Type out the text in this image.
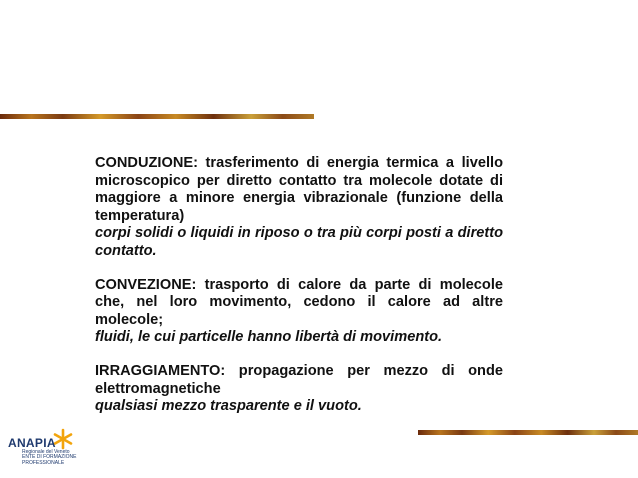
CONDUZIONE: trasferimento di energia termica a livello microscopico per diretto contatto tra molecole dotate di maggiore a minore energia vibrazionale (funzione della temperatura)

corpi solidi o liquidi in riposo o tra più corpi posti a diretto contatto.

CONVEZIONE: trasporto di calore da parte di molecole che, nel loro movimento, cedono il calore ad altre molecole;

fluidi, le cui particelle hanno libertà di movimento.

IRRAGGIAMENTO: propagazione per mezzo di onde elettromagnetiche

qualsiasi mezzo trasparente e il vuoto.

ANAPIA
Regionale del Veneto
ENTE DI FORMAZIONE
PROFESSIONALE
